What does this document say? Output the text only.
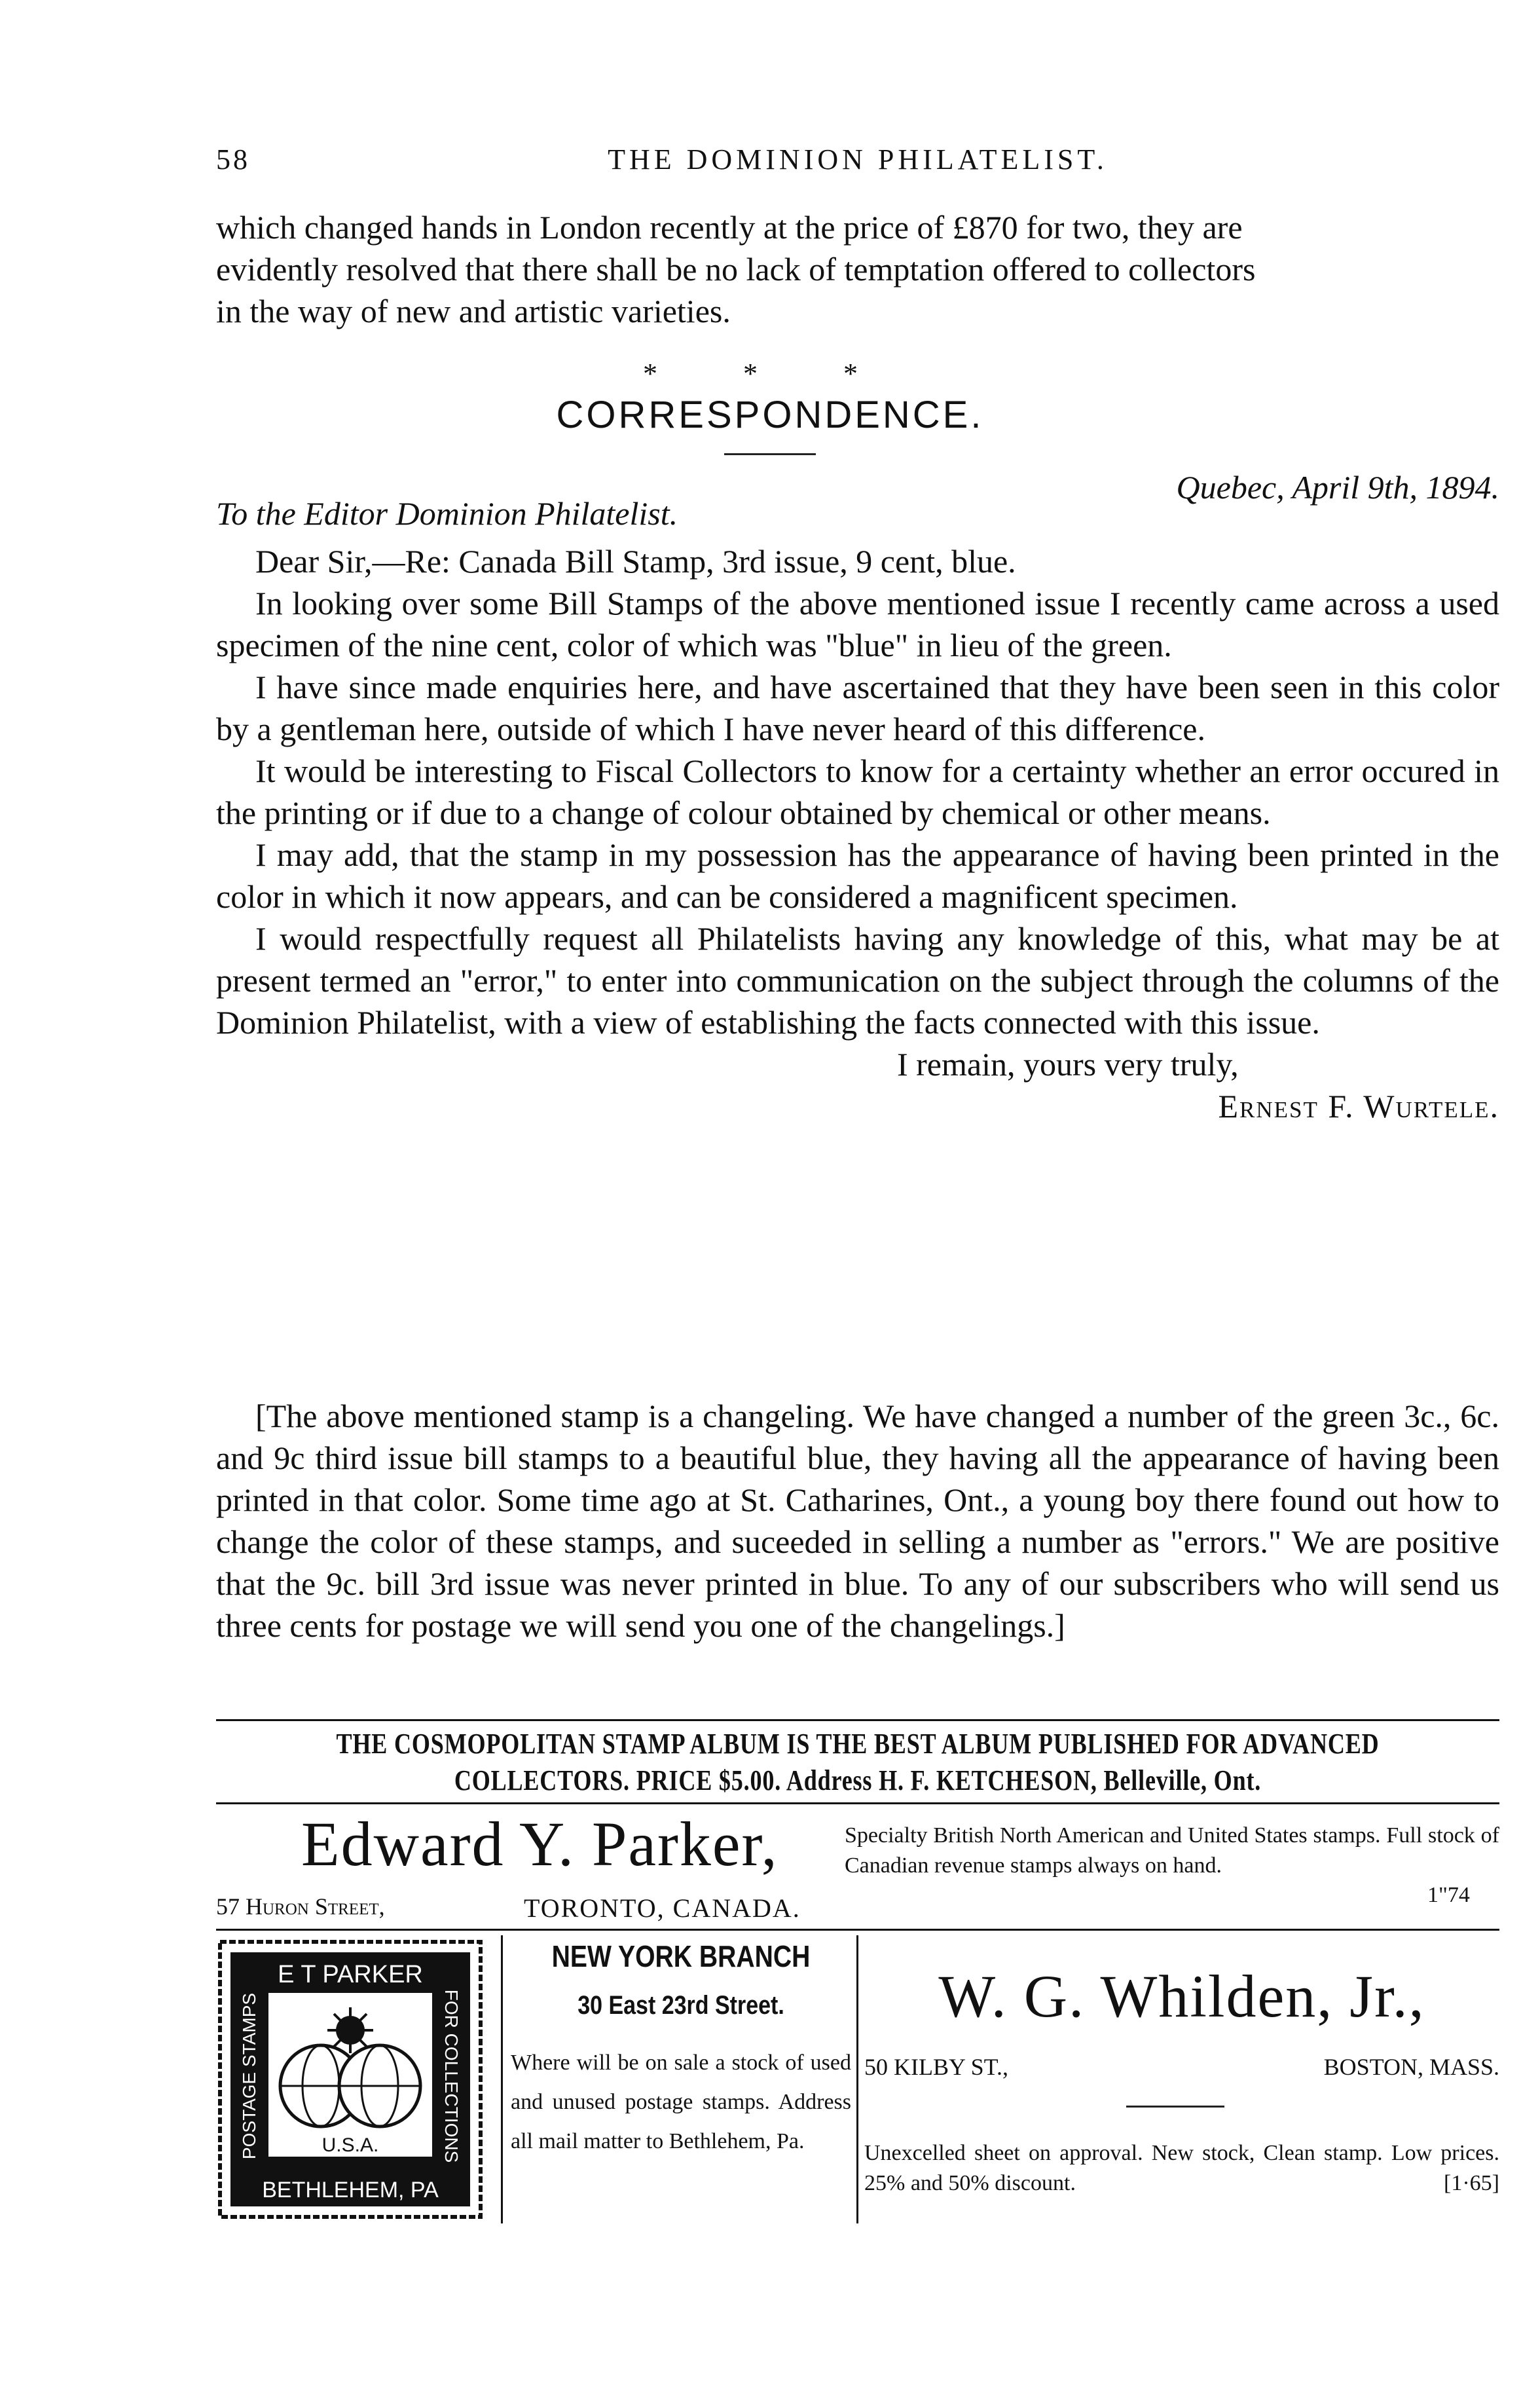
58	THE DOMINION PHILATELIST.
which changed hands in London recently at the price of £870 for two, they are
evidently resolved that there shall be no lack of temptation offered to collectors
in the way of new and artistic varieties.
* * *
CORRESPONDENCE.
Quebec, April 9th, 1894.
To the Editor Dominion Philatelist.
Dear Sir,—Re: Canada Bill Stamp, 3rd issue, 9 cent, blue.
In looking over some Bill Stamps of the above mentioned issue I recently came across a used specimen of the nine cent, color of which was "blue" in lieu of the green.
I have since made enquiries here, and have ascertained that they have been seen in this color by a gentleman here, outside of which I have never heard of this difference.
It would be interesting to Fiscal Collectors to know for a certainty whether an error occured in the printing or if due to a change of colour obtained by chemical or other means.
I may add, that the stamp in my possession has the appearance of having been printed in the color in which it now appears, and can be considered a magnificent specimen.
I would respectfully request all Philatelists having any knowledge of this, what may be at present termed an "error," to enter into communication on the subject through the columns of the Dominion Philatelist, with a view of establishing the facts connected with this issue.
I remain, yours very truly,
Ernest F. Wurtele.
[The above mentioned stamp is a changeling. We have changed a number of the green 3c., 6c. and 9c third issue bill stamps to a beautiful blue, they having all the appearance of having been printed in that color. Some time ago at St. Catharines, Ont., a young boy there found out how to change the color of these stamps, and suceeded in selling a number as "errors." We are positive that the 9c. bill 3rd issue was never printed in blue. To any of our subscribers who will send us three cents for postage we will send you one of the changelings.]
THE COSMOPOLITAN STAMP ALBUM IS THE BEST ALBUM PUBLISHED FOR ADVANCED
COLLECTORS. PRICE $5.00. Address H. F. KETCHESON, Belleville, Ont.
Edward Y. Parker,
57 Huron Street,	TORONTO, CANADA.
Specialty British North American and United States stamps. Full stock of Canadian revenue stamps always on hand.
1"74
E T PARKER
BETHLEHEM, PA
U.S.A.
POSTAGE STAMPS	FOR COLLECTIONS
NEW YORK BRANCH
30 East 23rd Street.
Where will be on sale a stock of used and unused postage stamps. Address all mail matter to Bethlehem, Pa.
W. G. Whilden, Jr.,
50 KILBY ST.,	BOSTON, MASS.
Unexcelled sheet on approval. New stock, Clean stamp. Low prices. 25% and 50% discount.	[1·65]
